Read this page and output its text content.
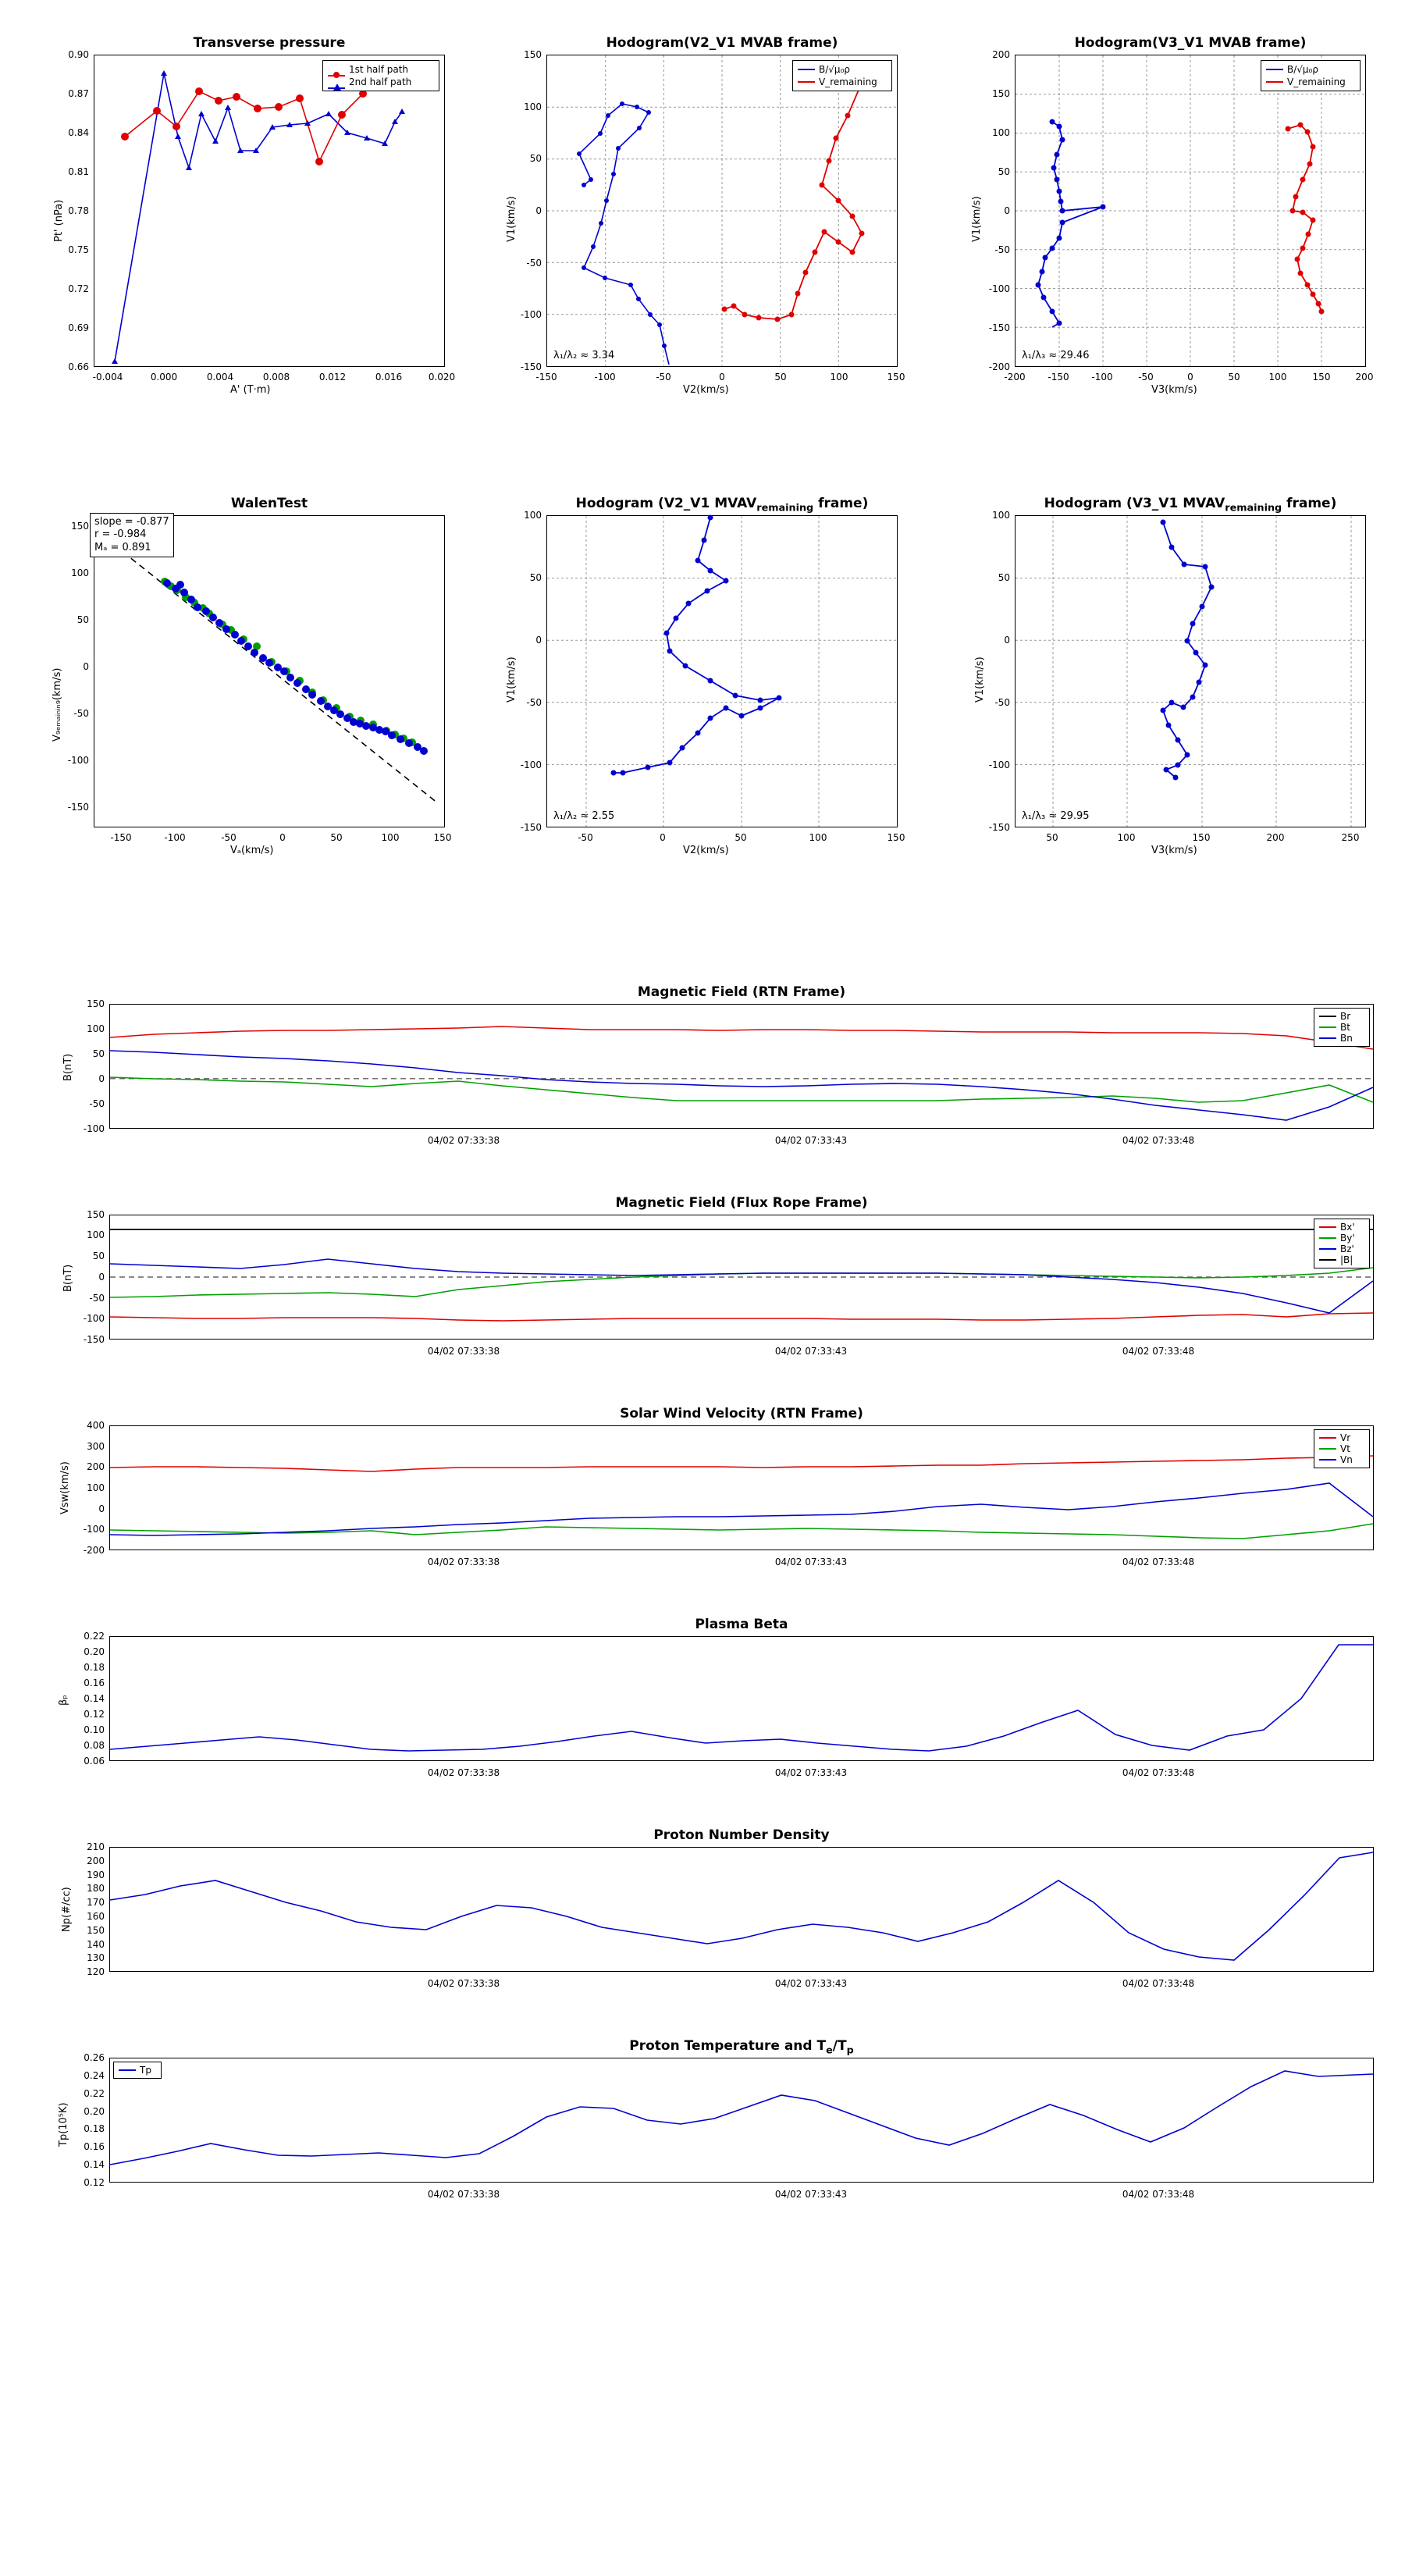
Transverse pressure
1st half path
2nd half path
Pt' (nPa)
A' (T·m)
0.90
0.87
0.84
0.81
0.78
0.75
0.72
0.69
0.66
-0.004	0.000	0.004	0.008	0.012	0.016	0.020
Hodogram(V2_V1 MVAB frame)
B/√μ₀ρ
V_remaining
λ₁/λ₂ ≈ 3.34
V1(km/s)
V2(km/s)
150
100
50
0
-50
-100
-150
-150	-100	-50	0	50	100	150
Hodogram(V3_V1 MVAB frame)
B/√μ₀ρ
V_remaining
λ₁/λ₃ ≈ 29.46
V1(km/s)
V3(km/s)
200
150
100
50
0
-50
-100
-150
-200
-200 -150 -100	-50	0	50	100	150	200
WalenTest
slope = -0.877
r = -0.984
Mₐ = 0.891
V₉ₑₘₐᵢₙᵢₙ₉(km/s)
Vₐ(km/s)
150
100
50
0
-50
-100
-150
-150	-100	-50	0	50	100	150
Hodogram (V2_V1 $MVAV_{remaining}$ frame)
λ₁/λ₂ ≈ 2.55
V1(km/s)
V2(km/s)
100
50
0
-50
-100
-150
-50	0	50	100	150
Hodogram (V3_V1 $MVAV_{remaining}$ frame)
λ₁/λ₃ ≈ 29.95
V1(km/s)
V3(km/s)
100
50
0
-50
-100
-150
50	100	150	200	250
Magnetic Field (RTN Frame)
Br
Bt
Bn
B(nT)
150
100
50
0
-50
-100
04/02 07:33:38	04/02 07:33:43	04/02 07:33:48
Magnetic Field (Flux Rope Frame)
Bx'
By'
Bz'
|B|
B(nT)
150
100
50
0
-50
-100
-150
04/02 07:33:38	04/02 07:33:43	04/02 07:33:48
Solar Wind Velocity (RTN Frame)
Vr
Vt
Vn
Vsw(km/s)
400
300
200
100
0
-100
-200
04/02 07:33:38	04/02 07:33:43	04/02 07:33:48
Plasma Beta
βₚ
0.22
0.20
0.18
0.16
0.14
0.12
0.10
0.08
0.06
04/02 07:33:38	04/02 07:33:43	04/02 07:33:48
Proton Number Density
Np(#/cc)
210
200
190
180
170
160
150
140
130
120
04/02 07:33:38	04/02 07:33:43	04/02 07:33:48
Proton Temperature and $T_e/T_p$
Tp
Tp(10⁵K)
0.26
0.24
0.22
0.20
0.18
0.16
0.14
0.12
04/02 07:33:38	04/02 07:33:43	04/02 07:33:48
